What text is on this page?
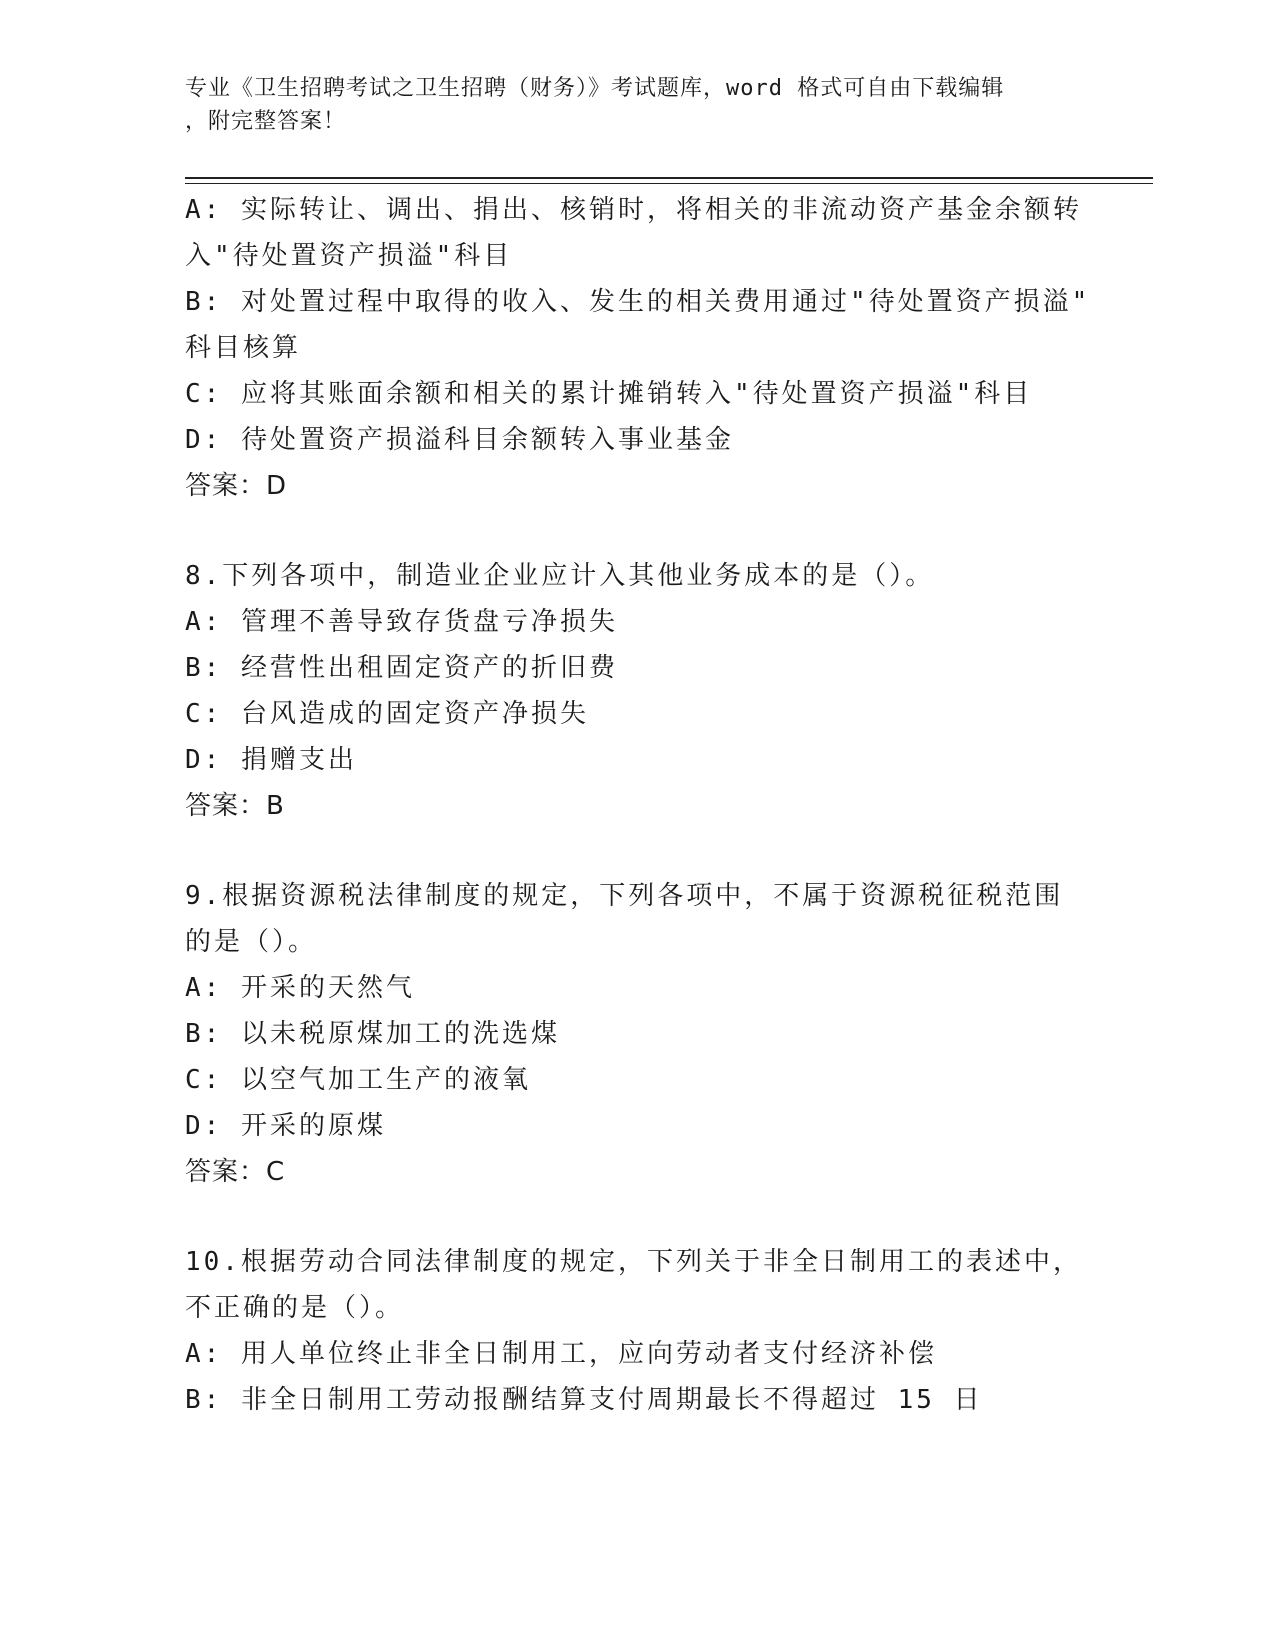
专业《卫生招聘考试之卫生招聘（财务）》考试题库，word 格式可自由下载编辑
，附完整答案！
A: 实际转让、调出、捐出、核销时，将相关的非流动资产基金余额转
入"待处置资产损溢"科目
B: 对处置过程中取得的收入、发生的相关费用通过"待处置资产损溢"
科目核算
C: 应将其账面余额和相关的累计摊销转入"待处置资产损溢"科目
D: 待处置资产损溢科目余额转入事业基金
答案：D
8.下列各项中，制造业企业应计入其他业务成本的是（）。
A: 管理不善导致存货盘亏净损失
B: 经营性出租固定资产的折旧费
C: 台风造成的固定资产净损失
D: 捐赠支出
答案：B
9.根据资源税法律制度的规定，下列各项中，不属于资源税征税范围
的是（）。
A: 开采的天然气
B: 以未税原煤加工的洗选煤
C: 以空气加工生产的液氧
D: 开采的原煤
答案：C
10.根据劳动合同法律制度的规定，下列关于非全日制用工的表述中，
不正确的是（）。
A: 用人单位终止非全日制用工，应向劳动者支付经济补偿
B: 非全日制用工劳动报酬结算支付周期最长不得超过 15 日
